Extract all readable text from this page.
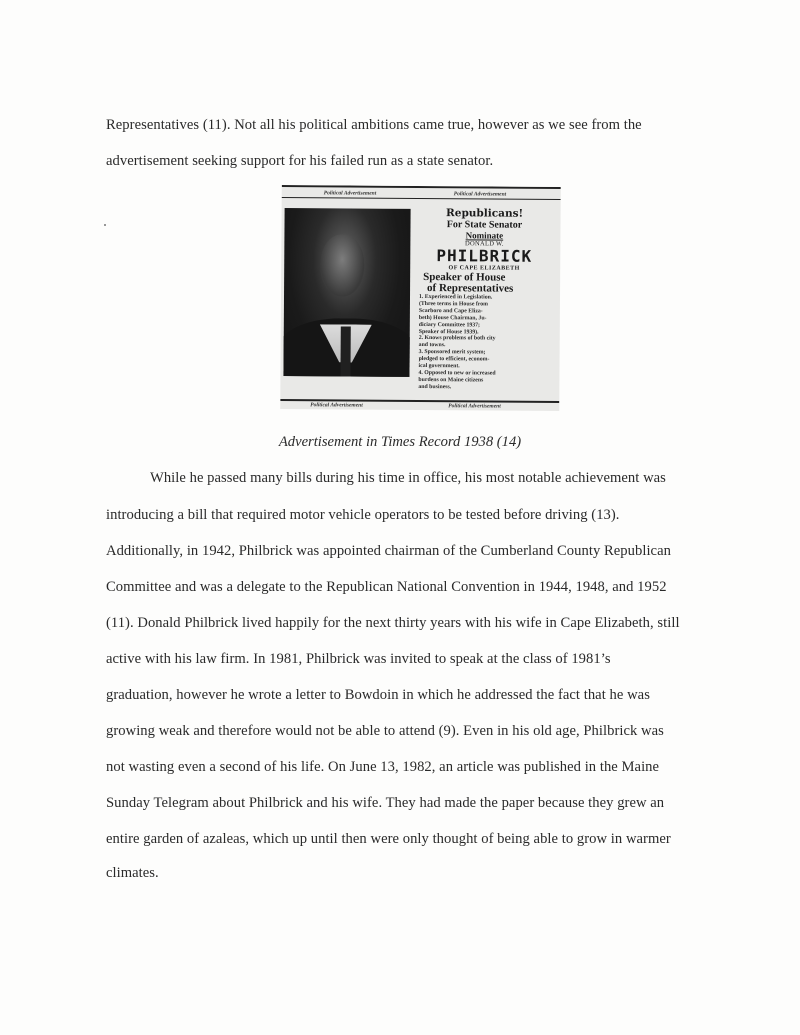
Representatives (11). Not all his political ambitions came true, however as we see from the
advertisement seeking support for his failed run as a state senator.
Political Advertisement	Political Advertisement
Republicans!
For State Senator
Nominate
DONALD W.
PHILBRICK
OF CAPE ELIZABETH
Speaker of House
of Representatives
1. Experienced in Legislation.
(Three terms in House from
Scarboro and Cape Eliza-
beth) House Chairman, Ju-
diciary Committee 1937;
Speaker of House 1939).
2. Knows problems of both city
and towns.
3. Sponsored merit system;
pledged to efficient, econom-
ical government.
4. Opposed to new or increased
burdens on Maine citizens
and business.
Political Advertisement	Political Advertisement
Advertisement in Times Record 1938 (14)
While he passed many bills during his time in office, his most notable achievement was
introducing a bill that required motor vehicle operators to be tested before driving (13).
Additionally, in 1942, Philbrick was appointed chairman of the Cumberland County Republican
Committee and was a delegate to the Republican National Convention in 1944, 1948, and 1952
(11). Donald Philbrick lived happily for the next thirty years with his wife in Cape Elizabeth, still
active with his law firm. In 1981, Philbrick was invited to speak at the class of 1981’s
graduation, however he wrote a letter to Bowdoin in which he addressed the fact that he was
growing weak and therefore would not be able to attend (9). Even in his old age, Philbrick was
not wasting even a second of his life. On June 13, 1982, an article was published in the Maine
Sunday Telegram about Philbrick and his wife. They had made the paper because they grew an
entire garden of azaleas, which up until then were only thought of being able to grow in warmer
climates.
